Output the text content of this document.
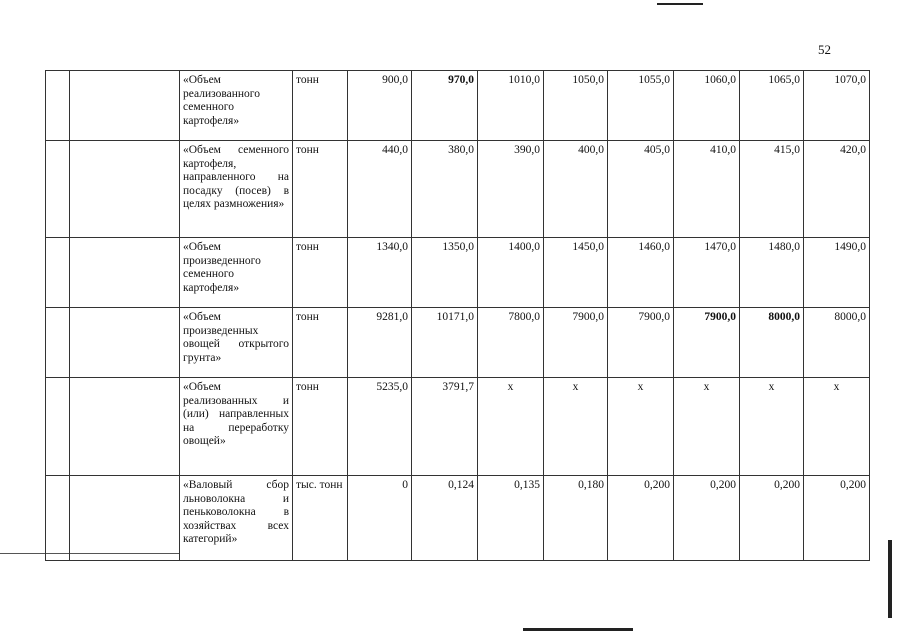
52
		«Объем реализованного семенного картофеля»	тонн	900,0	970,0	1010,0	1050,0	1055,0	1060,0	1065,0	1070,0
		«Объем семенного картофеля, направленного на посадку (посев) в целях размножения»	тонн	440,0	380,0	390,0	400,0	405,0	410,0	415,0	420,0
		«Объем произведенного семенного картофеля»	тонн	1340,0	1350,0	1400,0	1450,0	1460,0	1470,0	1480,0	1490,0
		«Объем произведенных овощей открытого грунта»	тонн	9281,0	10171,0	7800,0	7900,0	7900,0	7900,0	8000,0	8000,0
		«Объем реализованных и (или) направленных на переработку овощей»	тонн	5235,0	3791,7	х	х	х	х	х	х
		«Валовый сбор льноволокна и пеньковолокна в хозяйствах всех категорий»	тыс. тонн	0	0,124	0,135	0,180	0,200	0,200	0,200	0,200
